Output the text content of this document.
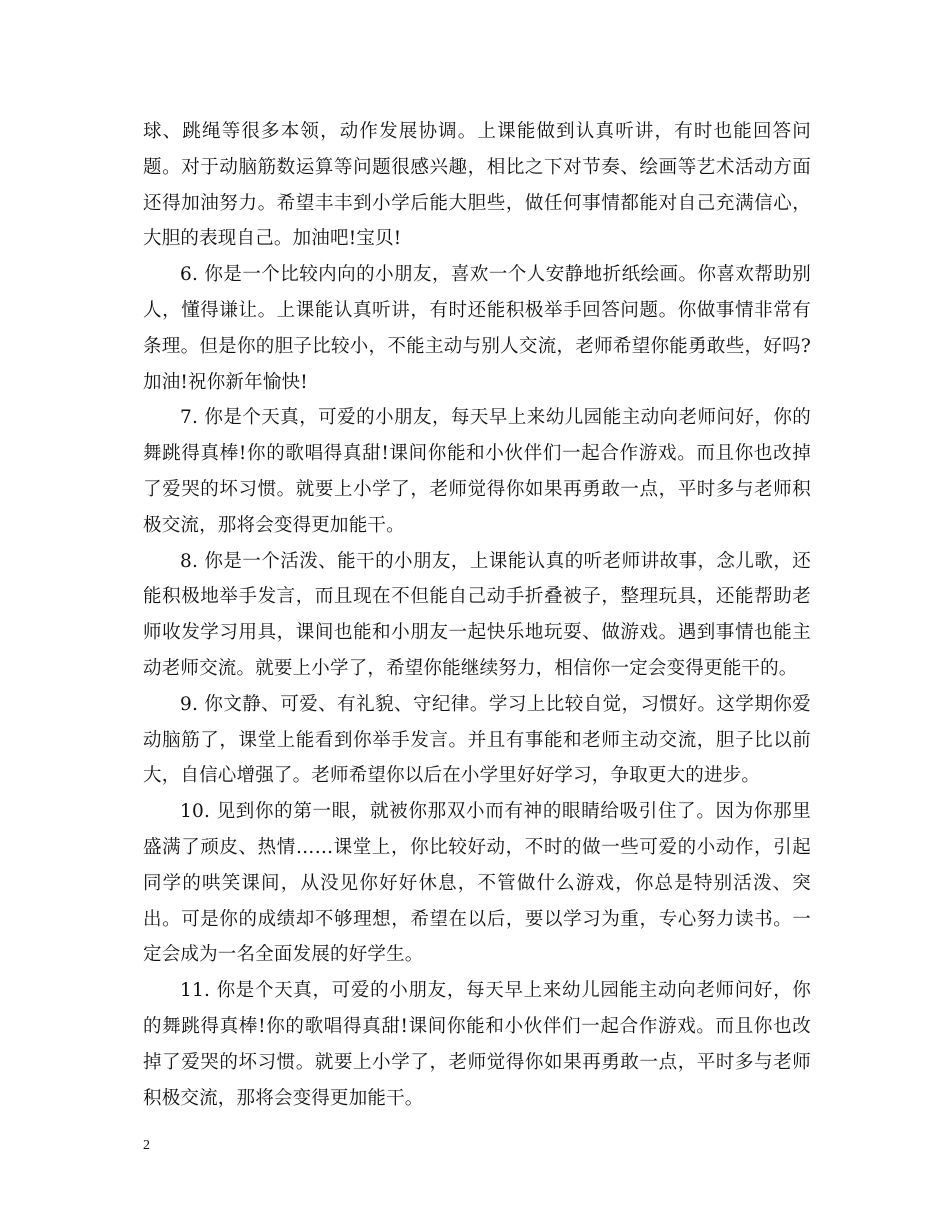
球、跳绳等很多本领，动作发展协调。上课能做到认真听讲，有时也能回答问题。对于动脑筋数运算等问题很感兴趣，相比之下对节奏、绘画等艺术活动方面还得加油努力。希望丰丰到小学后能大胆些，做任何事情都能对自己充满信心，大胆的表现自己。加油吧!宝贝!

6. 你是一个比较内向的小朋友，喜欢一个人安静地折纸绘画。你喜欢帮助别人，懂得谦让。上课能认真听讲，有时还能积极举手回答问题。你做事情非常有条理。但是你的胆子比较小，不能主动与别人交流，老师希望你能勇敢些，好吗?加油!祝你新年愉快!

7. 你是个天真，可爱的小朋友，每天早上来幼儿园能主动向老师问好，你的舞跳得真棒!你的歌唱得真甜!课间你能和小伙伴们一起合作游戏。而且你也改掉了爱哭的坏习惯。就要上小学了，老师觉得你如果再勇敢一点，平时多与老师积极交流，那将会变得更加能干。

8. 你是一个活泼、能干的小朋友，上课能认真的听老师讲故事，念儿歌，还能积极地举手发言，而且现在不但能自己动手折叠被子，整理玩具，还能帮助老师收发学习用具，课间也能和小朋友一起快乐地玩耍、做游戏。遇到事情也能主动老师交流。就要上小学了，希望你能继续努力，相信你一定会变得更能干的。

9. 你文静、可爱、有礼貌、守纪律。学习上比较自觉，习惯好。这学期你爱动脑筋了，课堂上能看到你举手发言。并且有事能和老师主动交流，胆子比以前大，自信心增强了。老师希望你以后在小学里好好学习，争取更大的进步。

10. 见到你的第一眼，就被你那双小而有神的眼睛给吸引住了。因为你那里盛满了顽皮、热情……课堂上，你比较好动，不时的做一些可爱的小动作，引起同学的哄笑课间，从没见你好好休息，不管做什么游戏，你总是特别活泼、突出。可是你的成绩却不够理想，希望在以后，要以学习为重，专心努力读书。一定会成为一名全面发展的好学生。

11. 你是个天真，可爱的小朋友，每天早上来幼儿园能主动向老师问好，你的舞跳得真棒!你的歌唱得真甜!课间你能和小伙伴们一起合作游戏。而且你也改掉了爱哭的坏习惯。就要上小学了，老师觉得你如果再勇敢一点，平时多与老师积极交流，那将会变得更加能干。

2
